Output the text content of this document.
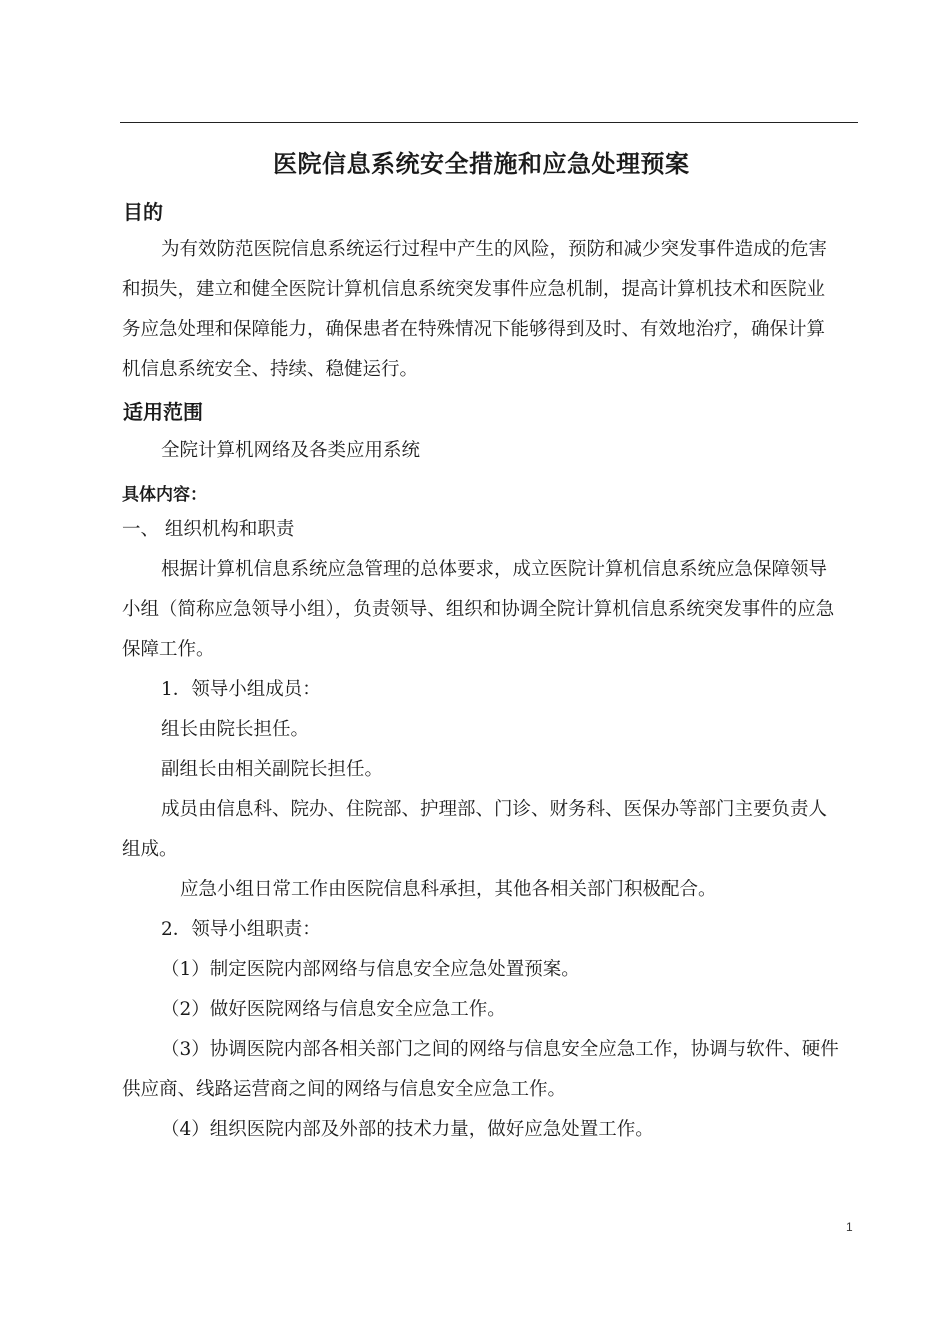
医院信息系统安全措施和应急处理预案
目的
为有效防范医院信息系统运行过程中产生的风险，预防和减少突发事件造成的危害
和损失，建立和健全医院计算机信息系统突发事件应急机制，提高计算机技术和医院业
务应急处理和保障能力，确保患者在特殊情况下能够得到及时、有效地治疗，确保计算
机信息系统安全、持续、稳健运行。
适用范围
全院计算机网络及各类应用系统
具体内容：
一、 组织机构和职责
根据计算机信息系统应急管理的总体要求，成立医院计算机信息系统应急保障领导
小组（简称应急领导小组），负责领导、组织和协调全院计算机信息系统突发事件的应急
保障工作。
1．领导小组成员：
组长由院长担任。
副组长由相关副院长担任。
成员由信息科、院办、住院部、护理部、门诊、财务科、医保办等部门主要负责人
组成。
应急小组日常工作由医院信息科承担，其他各相关部门积极配合。
2．领导小组职责：
（1）制定医院内部网络与信息安全应急处置预案。
（2）做好医院网络与信息安全应急工作。
（3）协调医院内部各相关部门之间的网络与信息安全应急工作，协调与软件、硬件
供应商、线路运营商之间的网络与信息安全应急工作。
（4）组织医院内部及外部的技术力量，做好应急处置工作。
1
